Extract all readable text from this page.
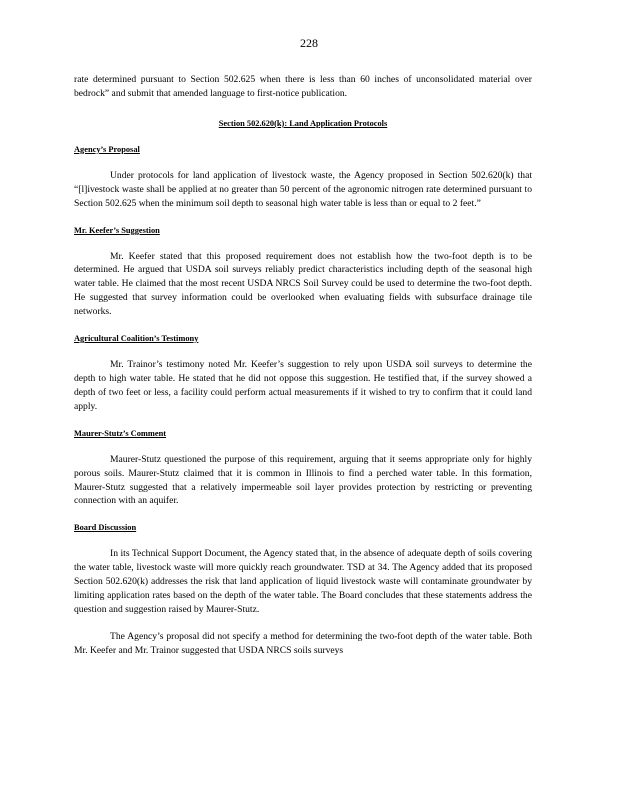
228

rate determined pursuant to Section 502.625 when there is less than 60 inches of unconsolidated material over bedrock” and submit that amended language to first-notice publication.

Section 502.620(k): Land Application Protocols

Agency’s Proposal

Under protocols for land application of livestock waste, the Agency proposed in Section 502.620(k) that “[l]ivestock waste shall be applied at no greater than 50 percent of the agronomic nitrogen rate determined pursuant to Section 502.625 when the minimum soil depth to seasonal high water table is less than or equal to 2 feet.”

Mr. Keefer’s Suggestion

Mr. Keefer stated that this proposed requirement does not establish how the two-foot depth is to be determined. He argued that USDA soil surveys reliably predict characteristics including depth of the seasonal high water table. He claimed that the most recent USDA NRCS Soil Survey could be used to determine the two-foot depth. He suggested that survey information could be overlooked when evaluating fields with subsurface drainage tile networks.

Agricultural Coalition’s Testimony

Mr. Trainor’s testimony noted Mr. Keefer’s suggestion to rely upon USDA soil surveys to determine the depth to high water table. He stated that he did not oppose this suggestion. He testified that, if the survey showed a depth of two feet or less, a facility could perform actual measurements if it wished to try to confirm that it could land apply.

Maurer-Stutz’s Comment

Maurer-Stutz questioned the purpose of this requirement, arguing that it seems appropriate only for highly porous soils. Maurer-Stutz claimed that it is common in Illinois to find a perched water table. In this formation, Maurer-Stutz suggested that a relatively impermeable soil layer provides protection by restricting or preventing connection with an aquifer.

Board Discussion

In its Technical Support Document, the Agency stated that, in the absence of adequate depth of soils covering the water table, livestock waste will more quickly reach groundwater. TSD at 34. The Agency added that its proposed Section 502.620(k) addresses the risk that land application of liquid livestock waste will contaminate groundwater by limiting application rates based on the depth of the water table. The Board concludes that these statements address the question and suggestion raised by Maurer-Stutz.

The Agency’s proposal did not specify a method for determining the two-foot depth of the water table. Both Mr. Keefer and Mr. Trainor suggested that USDA NRCS soils surveys
